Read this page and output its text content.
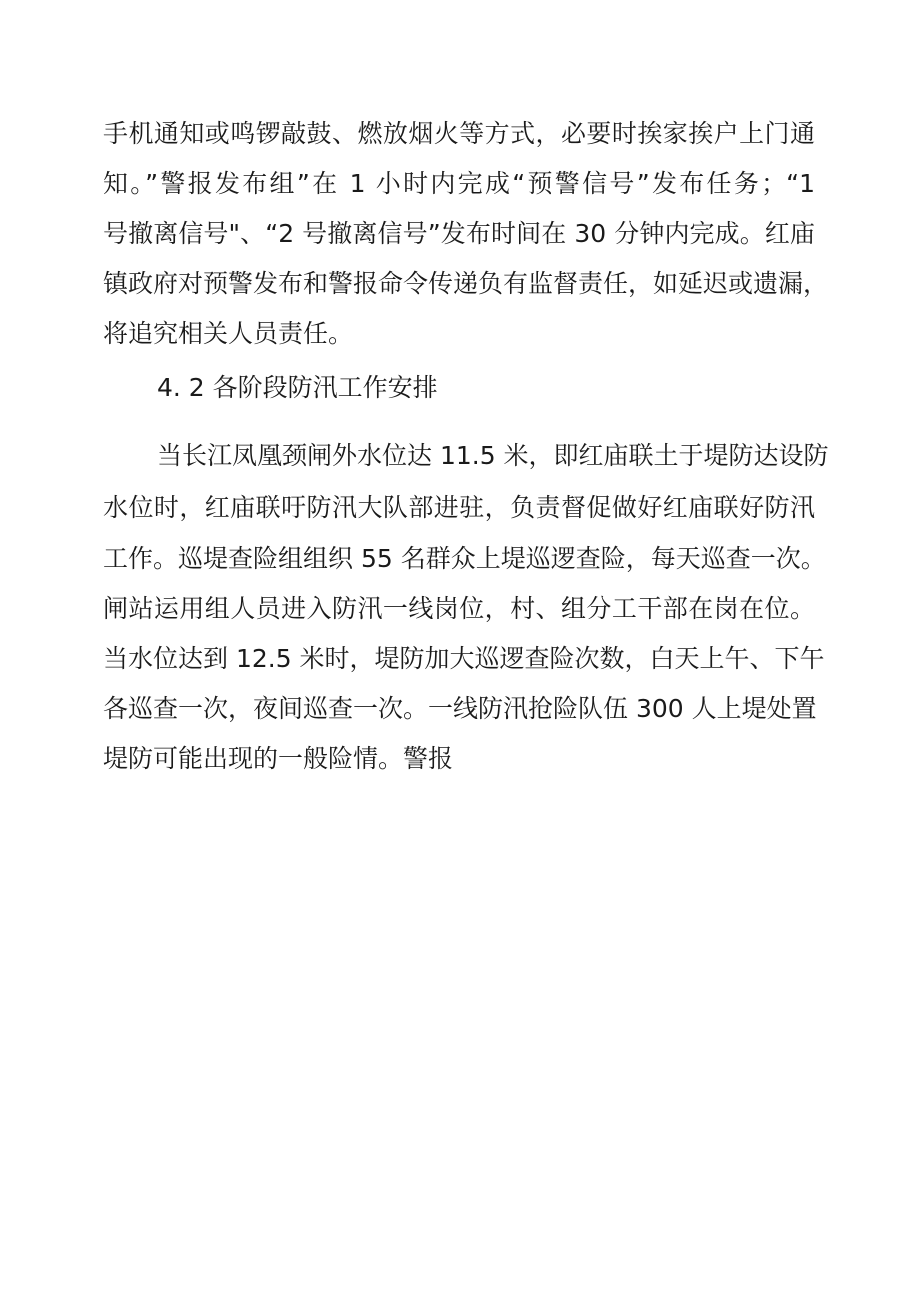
手机通知或鸣锣敲鼓、燃放烟火等方式，必要时挨家挨户上门通
知。”警报发布组”在 1 小时内完成“预警信号”发布任务；“1
号撤离信号"、“2 号撤离信号”发布时间在 30 分钟内完成。红庙
镇政府对预警发布和警报命令传递负有监督责任，如延迟或遗漏，
将追究相关人员责任。
4. 2 各阶段防汛工作安排
当长江凤凰颈闸外水位达 11.5 米，即红庙联土于堤防达设防
水位时，红庙联吁防汛大队部进驻，负责督促做好红庙联好防汛
工作。巡堤查险组组织 55 名群众上堤巡逻查险，每天巡查一次。
闸站运用组人员进入防汛一线岗位，村、组分工干部在岗在位。
当水位达到 12.5 米时，堤防加大巡逻查险次数，白天上午、下午
各巡查一次，夜间巡查一次。一线防汛抢险队伍 300 人上堤处置
堤防可能出现的一般险情。警报
